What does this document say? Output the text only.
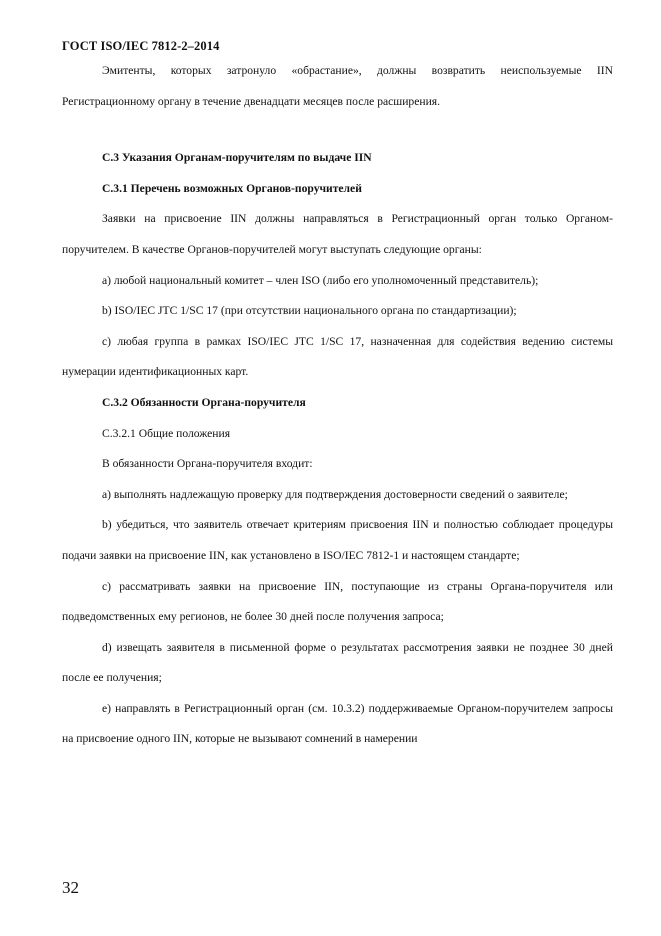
ГОСТ ISO/IEC 7812-2–2014

Эмитенты, которых затронуло «обрастание», должны возвратить неиспользуемые IIN Регистрационному органу в течение двенадцати месяцев после расширения.

С.3 Указания Органам-поручителям по выдаче IIN

С.3.1 Перечень возможных Органов-поручителей

Заявки на присвоение IIN должны направляться в Регистрационный орган только Органом-поручителем. В качестве Органов-поручителей могут выступать следующие органы:

а) любой национальный комитет – член ISO (либо его уполномоченный представитель);

b) ISO/IEC JTC 1/SC 17 (при отсутствии национального органа по стандартизации);

с) любая группа в рамках ISO/IEC JTC 1/SC 17, назначенная для содействия ведению системы нумерации идентификационных карт.

С.3.2 Обязанности Органа-поручителя

С.3.2.1 Общие положения

В обязанности Органа-поручителя входит:

а) выполнять надлежащую проверку для подтверждения достоверности сведений о заявителе;

b) убедиться, что заявитель отвечает критериям присвоения IIN и полностью соблюдает процедуры подачи заявки на присвоение IIN, как установлено в ISO/IEC 7812-1 и настоящем стандарте;

с) рассматривать заявки на присвоение IIN, поступающие из страны Органа-поручителя или подведомственных ему регионов, не более 30 дней после получения запроса;

d) извещать заявителя в письменной форме о результатах рассмотрения заявки не позднее 30 дней после ее получения;

е) направлять в Регистрационный орган (см. 10.3.2) поддерживаемые Органом-поручителем запросы на присвоение одного IIN, которые не вызывают сомнений в намерении

32
